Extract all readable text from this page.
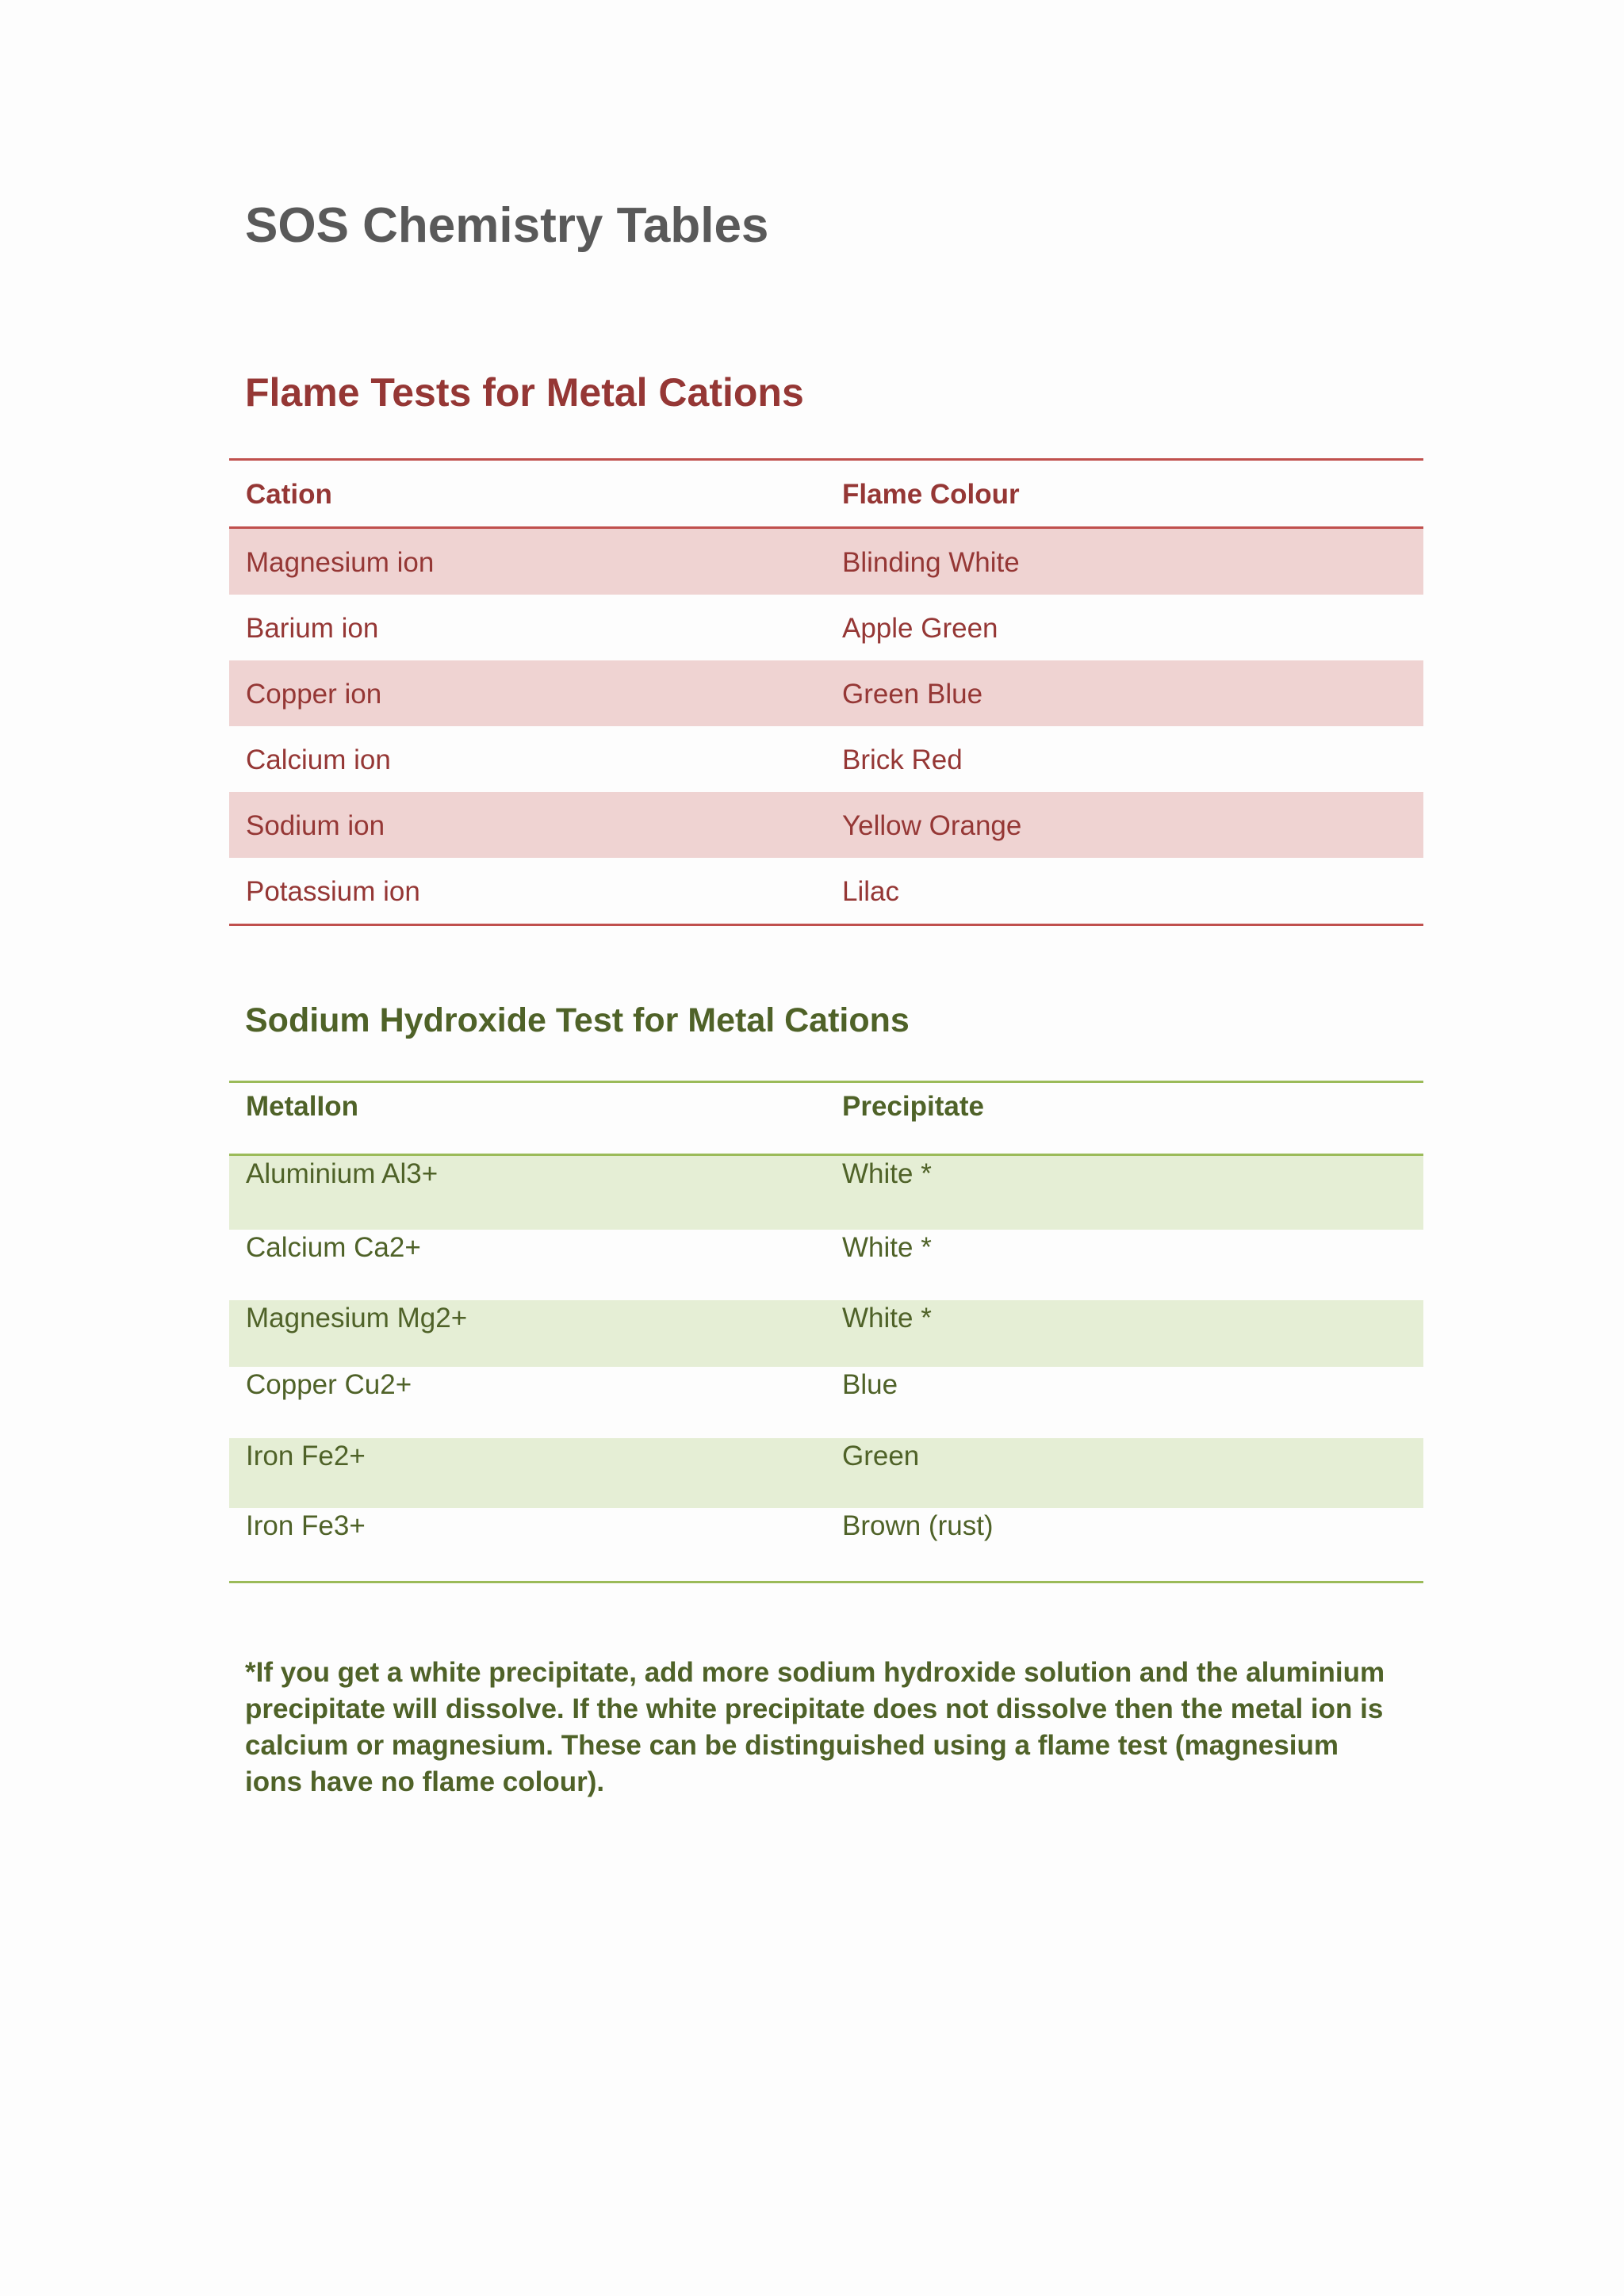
SOS Chemistry Tables
Flame Tests for Metal Cations
Cation	Flame Colour
Magnesium ion	Blinding White
Barium ion	Apple Green
Copper ion	Green Blue
Calcium ion	Brick Red
Sodium ion	Yellow Orange
Potassium ion	Lilac
Sodium Hydroxide Test for Metal Cations
MetalIon	Precipitate
Aluminium Al3+	White *
Calcium Ca2+	White *
Magnesium Mg2+	White *
Copper Cu2+	Blue
Iron Fe2+	Green
Iron Fe3+	Brown (rust)

*If you get a white precipitate, add more sodium hydroxide solution and the aluminium precipitate will dissolve. If the white precipitate does not dissolve then the metal ion is calcium or magnesium. These can be distinguished using a flame test (magnesium ions have no flame colour).
